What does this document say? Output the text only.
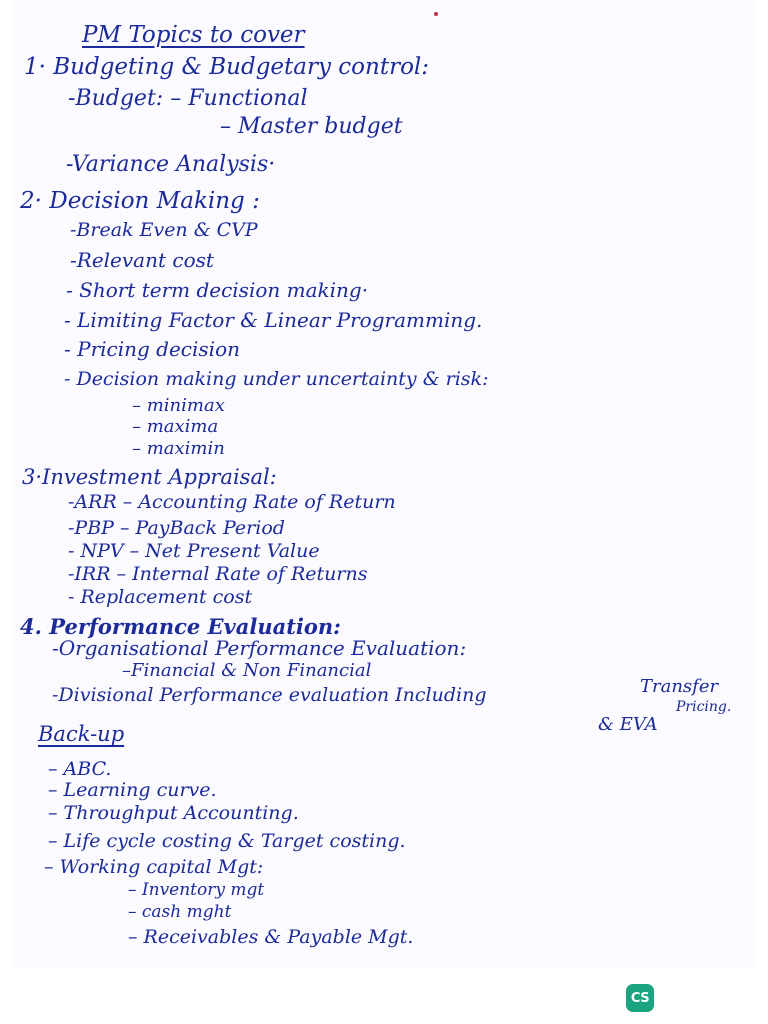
PM Topics to cover
1· Budgeting & Budgetary control:
-Budget: – Functional
– Master budget
-Variance Analysis·
2· Decision Making :
-Break Even & CVP
-Relevant cost
- Short term decision making·
- Limiting Factor & Linear Programming.
- Pricing decision
- Decision making under uncertainty & risk:
– minimax
– maxima
– maximin
3·Investment Appraisal:
-ARR – Accounting Rate of Return
-PBP – PayBack Period
- NPV – Net Present Value
-IRR – Internal Rate of Returns
- Replacement cost
4. Performance Evaluation:
-Organisational Performance Evaluation:
–Financial & Non Financial
-Divisional Performance evaluation Including	Transfer
Pricing.
& EVA
Back-up
– ABC.
– Learning curve.
– Throughput Accounting.
– Life cycle costing & Target costing.
– Working capital Mgt:
– Inventory mgt
– cash mght
– Receivables & Payable Mgt.
CS
